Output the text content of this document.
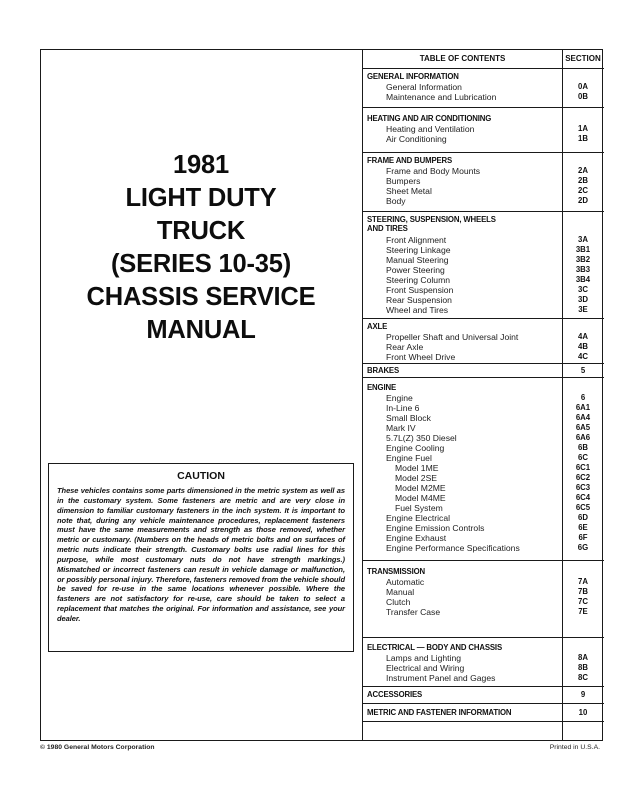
1981
LIGHT DUTY
TRUCK
(SERIES 10-35)
CHASSIS SERVICE
MANUAL
CAUTION
These vehicles contains some parts dimensioned in the metric system as well as in the customary system. Some fasteners are metric and are very close in dimension to familiar customary fasteners in the inch system. It is important to note that, during any vehicle maintenance procedures, replacement fasteners must have the same measurements and strength as those removed, whether metric or customary. (Numbers on the heads of metric bolts and on surfaces of metric nuts indicate their strength. Customary bolts use radial lines for this purpose, while most customary nuts do not have strength markings.) Mismatched or incorrect fasteners can result in vehicle damage or malfunction, or possibly personal injury. Therefore, fasteners removed from the vehicle should be saved for re-use in the same locations whenever possible. Where the fasteners are not satisfactory for re-use, care should be taken to select a replacement that matches the original. For information and assistance, see your dealer.
TABLE OF CONTENTS	SECTION
GENERAL INFORMATION
General Information	0A
Maintenance and Lubrication	0B
HEATING AND AIR CONDITIONING
Heating and Ventilation	1A
Air Conditioning	1B
FRAME AND BUMPERS
Frame and Body Mounts	2A
Bumpers	2B
Sheet Metal	2C
Body	2D
STEERING, SUSPENSION, WHEELS
AND TIRES
Front Alignment	3A
Steering Linkage	3B1
Manual Steering	3B2
Power Steering	3B3
Steering Column	3B4
Front Suspension	3C
Rear Suspension	3D
Wheel and Tires	3E
AXLE
Propeller Shaft and Universal Joint	4A
Rear Axle	4B
Front Wheel Drive	4C
BRAKES	5
ENGINE
Engine	6
In-Line 6	6A1
Small Block	6A4
Mark IV	6A5
5.7L(Z) 350 Diesel	6A6
Engine Cooling	6B
Engine Fuel	6C
Model 1ME	6C1
Model 2SE	6C2
Model M2ME	6C3
Model M4ME	6C4
Fuel System	6C5
Engine Electrical	6D
Engine Emission Controls	6E
Engine Exhaust	6F
Engine Performance Specifications	6G
TRANSMISSION
Automatic	7A
Manual	7B
Clutch	7C
Transfer Case	7E
ELECTRICAL — BODY AND CHASSIS
Lamps and Lighting	8A
Electrical and Wiring	8B
Instrument Panel and Gages	8C
ACCESSORIES	9
METRIC AND FASTENER INFORMATION	10
© 1980 General Motors Corporation	Printed in U.S.A.
